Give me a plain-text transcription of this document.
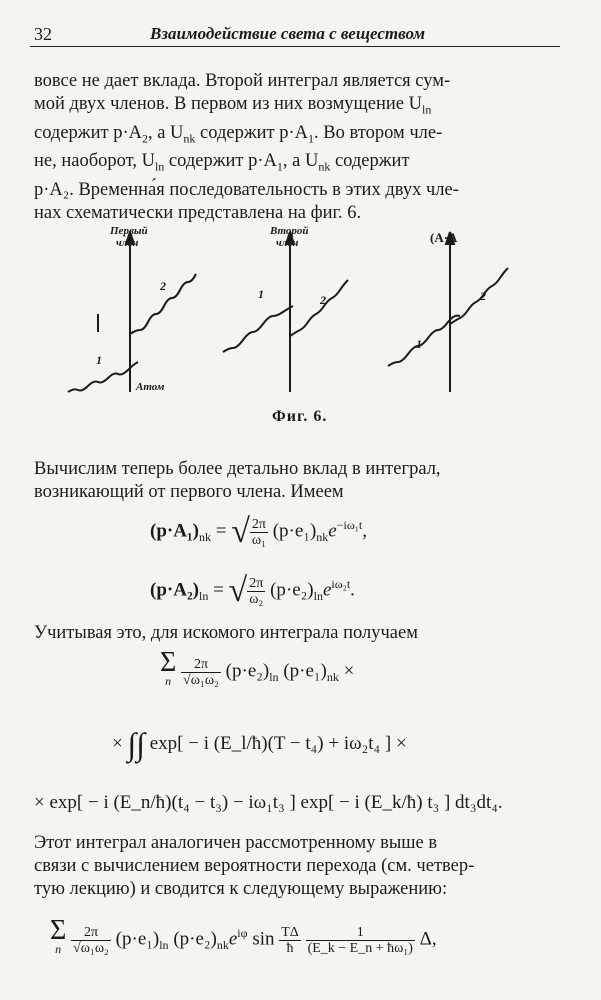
32	Взаимодействие света с веществом
вовсе не дает вклада. Второй интеграл является сум-
мой двух членов. В первом из них возмущение $U_{ln}$
содержит $p\cdot A_2$, а $U_{nk}$ содержит $p\cdot A_1$. Во втором чле-
не, наоборот, $U_{ln}$ содержит $p\cdot A_1$, а $U_{nk}$ содержит
p·A₂. Временна́я последовательность в этих двух чле-
нах схематически представлена на фиг. 6.
Первый
член
Второй
член	(A·A
Атом
1
2
1	2
1
2
Фиг. 6.
Вычислим теперь более детально вклад в интеграл,
возникающий от первого члена. Имеем
$(p\cdot A_1)_{nk}$ = √ $\frac{2\pi}{\text{ω₁}} (p\cdot e_1)_{nk}e^{-i\omega_1t}$,
$(p\cdot A_2)_{ln}$ = √ $\frac{2\pi}{\text{ω₂}} (p\cdot e_2)_{ln}e^{i\omega_2t}$.
Учитывая это, для искомого интеграла получаем
Σ
n
$\frac{2\pi}{\text{√ω₁ω₂}} (p\cdot e_2)_{ln}$ $(p\cdot e_1)_{nk}$ ×
× ∫∫ exp[ − i (E_l/ħ)(T − t₄) + iω₂t₄ ] ×
× exp[ − i (E_n/ħ)(t₄ − t₃) − iω₁t₃ ] exp[ − i (E_k/ħ) t₃ ] dt₃dt₄.
Этот интеграл аналогичен рассмотренному выше в
связи с вычислением вероятности перехода (см. четвер-
тую лекцию) и сводится к следующему выражению:
Σ
n
$\frac{2\pi}{\text{√ω₁ω₂}} (p\cdot e_1)_{ln}$ $(p\cdot e_2)_{nk}e^{i\varphi}$ $\sin \frac{T\Delta}{ħ}$
$\frac{1}{\text{(E\_k − E\_n + ħω₁)}} \Delta$,
